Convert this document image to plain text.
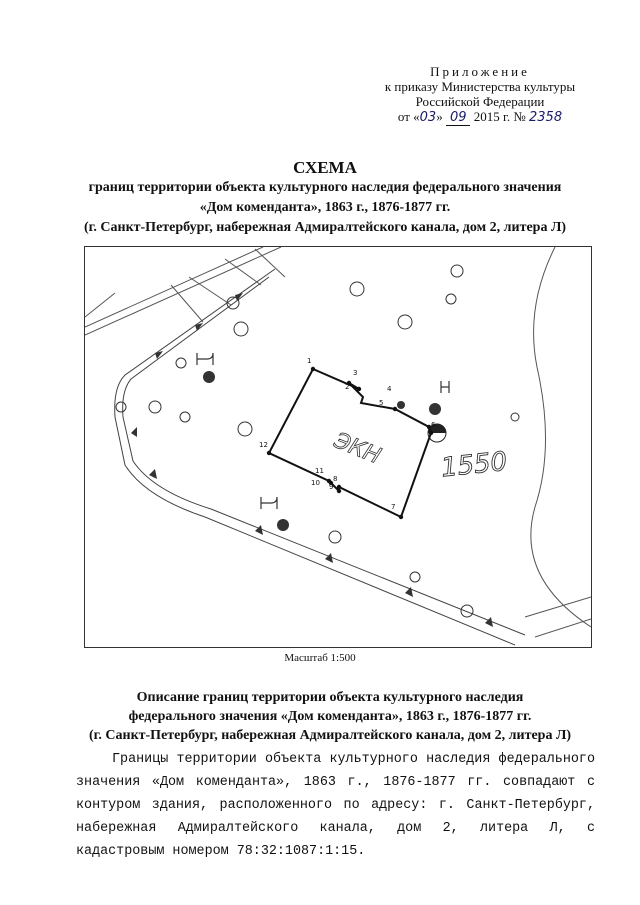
Приложение
к приказу Министерства культуры
Российской Федерации
от «03» 09 2015 г. № 2358
СХЕМА
границ территории объекта культурного наследия федерального значения
«Дом коменданта», 1863 г., 1876-1877 гг.
(г. Санкт-Петербург, набережная Адмиралтейского канала, дом 2, литера Л)
1
2
3
4
5
6
7
8
9
10
11
12	ЭКН 1550
Масштаб 1:500
Описание границ территории объекта культурного наследия
федерального значения «Дом коменданта», 1863 г., 1876-1877 гг.
(г. Санкт-Петербург, набережная Адмиралтейского канала, дом 2, литера Л)
Границы территории объекта культурного наследия федерального значения «Дом коменданта», 1863 г., 1876-1877 гг. совпадают с контуром здания, расположенного по адресу: г. Санкт-Петербург, набережная Адмиралтейского канала, дом 2, литера Л, с кадастровым номером 78:32:1087:1:15.
